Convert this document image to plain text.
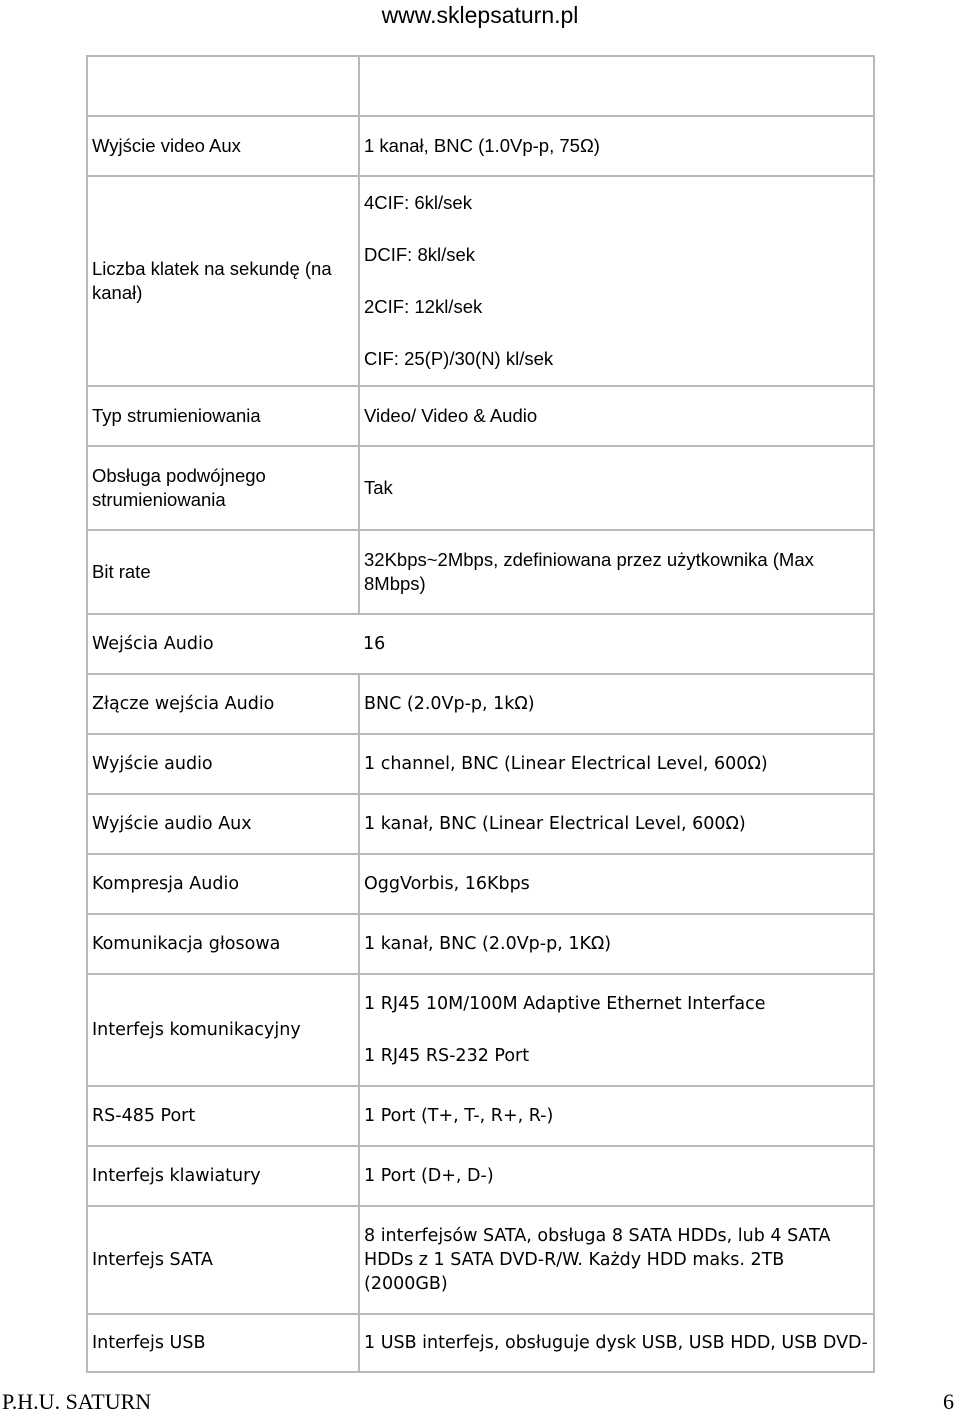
www.sklepsaturn.pl

Wyjście video Aux	1 kanał, BNC (1.0Vp-p, 75Ω)
Liczba klatek na sekundę (na kanał)	4CIF: 6kl/sek
DCIF: 8kl/sek
2CIF: 12kl/sek
CIF: 25(P)/30(N) kl/sek

Typ strumieniowania	Video/ Video & Audio
Obsługa podwójnego strumieniowania	Tak
Bit rate	32Kbps~2Mbps, zdefiniowana przez użytkownika (Max 8Mbps)
Wejścia Audio	16
Złącze wejścia Audio	BNC (2.0Vp-p, 1kΩ)
Wyjście audio	1 channel, BNC (Linear Electrical Level, 600Ω)
Wyjście audio Aux	1 kanał, BNC (Linear Electrical Level, 600Ω)
Kompresja Audio	OggVorbis, 16Kbps
Komunikacja głosowa	1 kanał, BNC (2.0Vp-p, 1KΩ)
Interfejs komunikacyjny	1 RJ45 10M/100M Adaptive Ethernet Interface
1 RJ45 RS-232 Port

RS-485 Port	1 Port (T+, T-, R+, R-)
Interfejs klawiatury	1 Port (D+, D-)
Interfejs SATA	8 interfejsów SATA, obsługa 8 SATA HDDs, lub 4 SATA HDDs z 1 SATA DVD-R/W. Każdy HDD maks. 2TB (2000GB)
Interfejs USB	1 USB interfejs, obsługuje dysk USB, USB HDD, USB DVD-
P.H.U. SATURN	6
